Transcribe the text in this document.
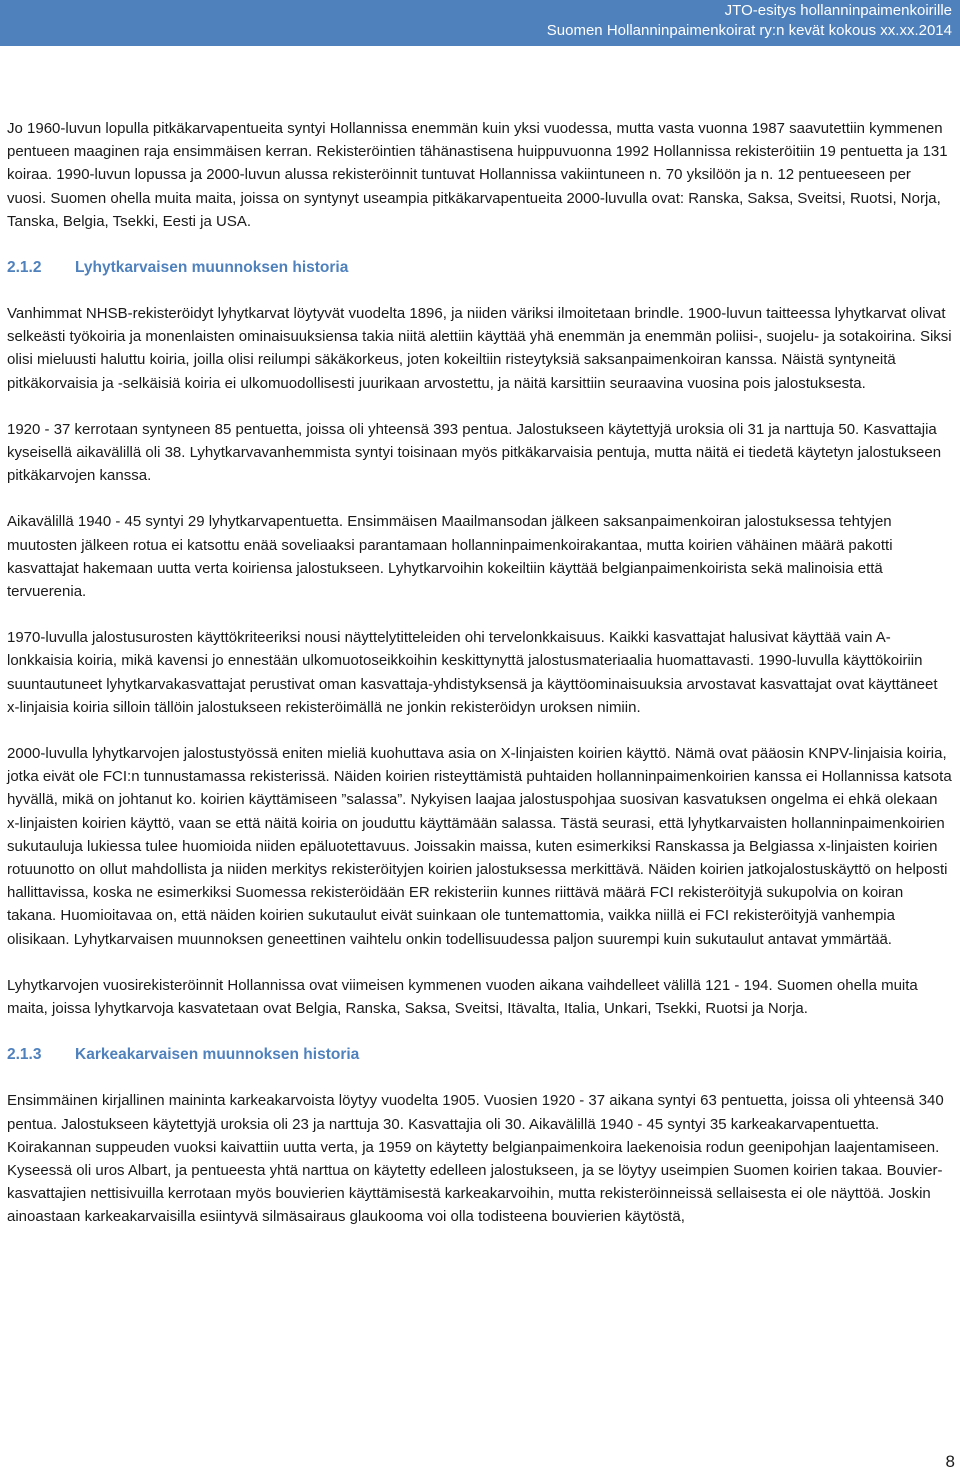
JTO-esitys hollanninpaimenkoirille
Suomen Hollanninpaimenkoirat ry:n kevät kokous xx.xx.2014

Jo 1960-luvun lopulla pitkäkarvapentueita syntyi Hollannissa enemmän kuin yksi vuodessa, mutta vasta vuonna 1987 saavutettiin kymmenen pentueen maaginen raja ensimmäisen kerran. Rekisteröintien tähänastisena huippuvuonna 1992 Hollannissa rekisteröitiin 19 pentuetta ja 131 koiraa. 1990-luvun lopussa ja 2000-luvun alussa rekisteröinnit tuntuvat Hollannissa vakiintuneen n. 70 yksilöön ja n. 12 pentueeseen per vuosi. Suomen ohella muita maita, joissa on syntynyt useampia pitkäkarvapentueita 2000-luvulla ovat: Ranska, Saksa, Sveitsi, Ruotsi, Norja, Tanska, Belgia, Tsekki, Eesti ja USA.

2.1.2 Lyhytkarvaisen muunnoksen historia

Vanhimmat NHSB-rekisteröidyt lyhytkarvat löytyvät vuodelta 1896, ja niiden väriksi ilmoitetaan brindle. 1900-luvun taitteessa lyhytkarvat olivat selkeästi työkoiria ja monenlaisten ominaisuuksiensa takia niitä alettiin käyttää yhä enemmän ja enemmän poliisi-, suojelu- ja sotakoirina. Siksi olisi mieluusti haluttu koiria, joilla olisi reilumpi säkäkorkeus, joten kokeiltiin risteytyksiä saksanpaimenkoiran kanssa. Näistä syntyneitä pitkäkorvaisia ja -selkäisiä koiria ei ulkomuodollisesti juurikaan arvostettu, ja näitä karsittiin seuraavina vuosina pois jalostuksesta.

1920 - 37 kerrotaan syntyneen 85 pentuetta, joissa oli yhteensä 393 pentua. Jalostukseen käytettyjä uroksia oli 31 ja narttuja 50. Kasvattajia kyseisellä aikavälillä oli 38. Lyhytkarvavanhemmista syntyi toisinaan myös pitkäkarvaisia pentuja, mutta näitä ei tiedetä käytetyn jalostukseen pitkäkarvojen kanssa.

Aikavälillä 1940 - 45 syntyi 29 lyhytkarvapentuetta. Ensimmäisen Maailmansodan jälkeen saksanpaimenkoiran jalostuksessa tehtyjen muutosten jälkeen rotua ei katsottu enää soveliaaksi parantamaan hollanninpaimenkoirakantaa, mutta koirien vähäinen määrä pakotti kasvattajat hakemaan uutta verta koiriensa jalostukseen. Lyhytkarvoihin kokeiltiin käyttää belgianpaimenkoirista sekä malinoisia että tervuerenia.

1970-luvulla jalostusurosten käyttökriteeriksi nousi näyttelytitteleiden ohi tervelonkkaisuus. Kaikki kasvattajat halusivat käyttää vain A-lonkkaisia koiria, mikä kavensi jo ennestään ulkomuotoseikkoihin keskittynyttä jalostusmateriaalia huomattavasti. 1990-luvulla käyttökoiriin suuntautuneet lyhytkarvakasvattajat perustivat oman kasvattaja-yhdistyksensä ja käyttöominaisuuksia arvostavat kasvattajat ovat käyttäneet x-linjaisia koiria silloin tällöin jalostukseen rekisteröimällä ne jonkin rekisteröidyn uroksen nimiin.

2000-luvulla lyhytkarvojen jalostustyössä eniten mieliä kuohuttava asia on X-linjaisten koirien käyttö. Nämä ovat pääosin KNPV-linjaisia koiria, jotka eivät ole FCI:n tunnustamassa rekisterissä. Näiden koirien risteyttämistä puhtaiden hollanninpaimenkoirien kanssa ei Hollannissa katsota hyvällä, mikä on johtanut ko. koirien käyttämiseen ”salassa”. Nykyisen laajaa jalostuspohjaa suosivan kasvatuksen ongelma ei ehkä olekaan x-linjaisten koirien käyttö, vaan se että näitä koiria on jouduttu käyttämään salassa. Tästä seurasi, että lyhytkarvaisten hollanninpaimenkoirien sukutauluja lukiessa tulee huomioida niiden epäluotettavuus. Joissakin maissa, kuten esimerkiksi Ranskassa ja Belgiassa x-linjaisten koirien rotuunotto on ollut mahdollista ja niiden merkitys rekisteröityjen koirien jalostuksessa merkittävä. Näiden koirien jatkojalostuskäyttö on helposti hallittavissa, koska ne esimerkiksi Suomessa rekisteröidään ER rekisteriin kunnes riittävä määrä FCI rekisteröityjä sukupolvia on koiran takana. Huomioitavaa on, että näiden koirien sukutaulut eivät suinkaan ole tuntemattomia, vaikka niillä ei FCI rekisteröityjä vanhempia olisikaan. Lyhytkarvaisen muunnoksen geneettinen vaihtelu onkin todellisuudessa paljon suurempi kuin sukutaulut antavat ymmärtää.

Lyhytkarvojen vuosirekisteröinnit Hollannissa ovat viimeisen kymmenen vuoden aikana vaihdelleet välillä 121 - 194. Suomen ohella muita maita, joissa lyhytkarvoja kasvatetaan ovat Belgia, Ranska, Saksa, Sveitsi, Itävalta, Italia, Unkari, Tsekki, Ruotsi ja Norja.

2.1.3 Karkeakarvaisen muunnoksen historia

Ensimmäinen kirjallinen maininta karkeakarvoista löytyy vuodelta 1905. Vuosien 1920 - 37 aikana syntyi 63 pentuetta, joissa oli yhteensä 340 pentua. Jalostukseen käytettyjä uroksia oli 23 ja narttuja 30. Kasvattajia oli 30. Aikavälillä 1940 - 45 syntyi 35 karkeakarvapentuetta. Koirakannan suppeuden vuoksi kaivattiin uutta verta, ja 1959 on käytetty belgianpaimenkoira laekenoisia rodun geenipohjan laajentamiseen. Kyseessä oli uros Albart, ja pentueesta yhtä narttua on käytetty edelleen jalostukseen, ja se löytyy useimpien Suomen koirien takaa. Bouvier-kasvattajien nettisivuilla kerrotaan myös bouvierien käyttämisestä karkeakarvoihin, mutta rekisteröinneissä sellaisesta ei ole näyttöä. Joskin ainoastaan karkeakarvaisilla esiintyvä silmäsairaus glaukooma voi olla todisteena bouvierien käytöstä,

8
